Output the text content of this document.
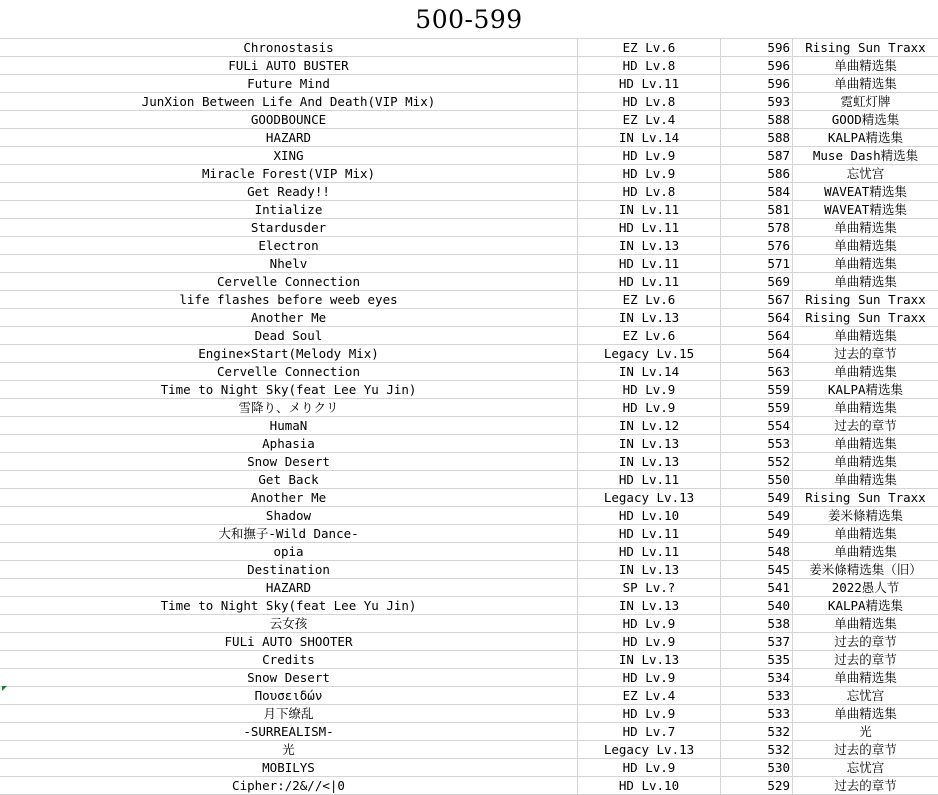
500-599
Chronostasis	EZ Lv.6	596	Rising Sun Traxx
FULi AUTO BUSTER	HD Lv.8	596	单曲精选集
Future Mind	HD Lv.11	596	单曲精选集
JunXion Between Life And Death(VIP Mix)	HD Lv.8	593	霓虹灯牌
GOODBOUNCE	EZ Lv.4	588	GOOD精选集
HAZARD	IN Lv.14	588	KALPA精选集
XING	HD Lv.9	587	Muse Dash精选集
Miracle Forest(VIP Mix)	HD Lv.9	586	忘忧宫
Get Ready!!	HD Lv.8	584	WAVEAT精选集
Intialize	IN Lv.11	581	WAVEAT精选集
Stardusder	HD Lv.11	578	单曲精选集
Electron	IN Lv.13	576	单曲精选集
Nhelv	HD Lv.11	571	单曲精选集
Cervelle Connection	HD Lv.11	569	单曲精选集
life flashes before weeb eyes	EZ Lv.6	567	Rising Sun Traxx
Another Me	IN Lv.13	564	Rising Sun Traxx
Dead Soul	EZ Lv.6	564	单曲精选集
Engine×Start(Melody Mix)	Legacy Lv.15	564	过去的章节
Cervelle Connection	IN Lv.14	563	单曲精选集
Time to Night Sky(feat Lee Yu Jin)	HD Lv.9	559	KALPA精选集
雪降り、メりクリ	HD Lv.9	559	单曲精选集
HumaN	IN Lv.12	554	过去的章节
Aphasia	IN Lv.13	553	单曲精选集
Snow Desert	IN Lv.13	552	单曲精选集
Get Back	HD Lv.11	550	单曲精选集
Another Me	Legacy Lv.13	549	Rising Sun Traxx
Shadow	HD Lv.10	549	姜米條精选集
大和撫子-Wild Dance-	HD Lv.11	549	单曲精选集
opia	HD Lv.11	548	单曲精选集
Destination	IN Lv.13	545	姜米條精选集（旧）
HAZARD	SP Lv.?	541	2022愚人节
Time to Night Sky(feat Lee Yu Jin)	IN Lv.13	540	KALPA精选集
云女孩	HD Lv.9	538	单曲精选集
FULi AUTO SHOOTER	HD Lv.9	537	过去的章节
Credits	IN Lv.13	535	过去的章节
Snow Desert	HD Lv.9	534	单曲精选集
Πουσειδών	EZ Lv.4	533	忘忧宫
月下缭乱	HD Lv.9	533	单曲精选集
-SURREALISM-	HD Lv.7	532	光
光	Legacy Lv.13	532	过去的章节
MOBILYS	HD Lv.9	530	忘忧宫
Cipher:/2&//<|0	HD Lv.10	529	过去的章节
